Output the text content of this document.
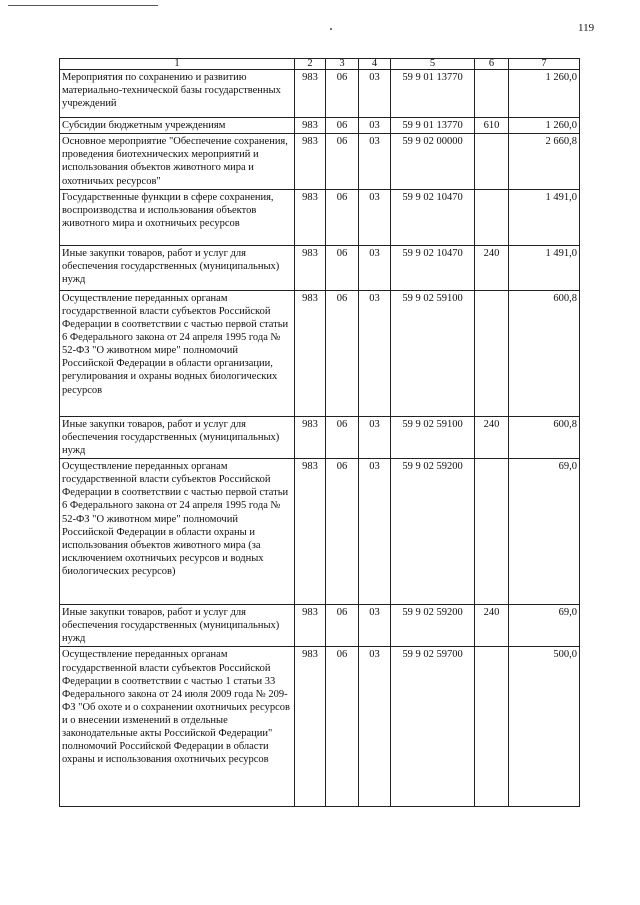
119
1	2	3	4	5	6	7
Мероприятия по сохранению и развитию материально-технической базы государственных учреждений	983	06	03	59 9 01 13770		1 260,0
Субсидии бюджетным учреждениям	983	06	03	59 9 01 13770	610	1 260,0
Основное мероприятие "Обеспечение сохранения, проведения биотехнических мероприятий и использования объектов животного мира и охотничьих ресурсов"	983	06	03	59 9 02 00000		2 660,8
Государственные функции в сфере сохранения, воспроизводства и использования объектов животного мира и охотничьих ресурсов	983	06	03	59 9 02 10470		1 491,0
Иные закупки товаров, работ и услуг для обеспечения государственных (муниципальных) нужд	983	06	03	59 9 02 10470	240	1 491,0
Осуществление переданных органам государственной власти субъектов Российской Федерации в соответствии с частью первой статьи 6 Федерального закона от 24 апреля 1995 года № 52-ФЗ "О животном мире" полномочий Российской Федерации в области организации, регулирования и охраны водных биологических ресурсов	983	06	03	59 9 02 59100		600,8
Иные закупки товаров, работ и услуг для обеспечения государственных (муниципальных) нужд	983	06	03	59 9 02 59100	240	600,8
Осуществление переданных органам государственной власти субъектов Российской Федерации в соответствии с частью первой статьи 6 Федерального закона от 24 апреля 1995 года № 52-ФЗ "О животном мире" полномочий Российской Федерации в области охраны и использования объектов животного мира (за исключением охотничьих ресурсов и водных биологических ресурсов)	983	06	03	59 9 02 59200		69,0
Иные закупки товаров, работ и услуг для обеспечения государственных (муниципальных) нужд	983	06	03	59 9 02 59200	240	69,0
Осуществление переданных органам государственной власти субъектов Российской Федерации в соответствии с частью 1 статьи 33 Федерального закона от 24 июля 2009 года № 209-ФЗ "Об охоте и о сохранении охотничьих ресурсов и о внесении изменений в отдельные законодательные акты Российской Федерации" полномочий Российской Федерации в области охраны и использования охотничьих ресурсов	983	06	03	59 9 02 59700		500,0
